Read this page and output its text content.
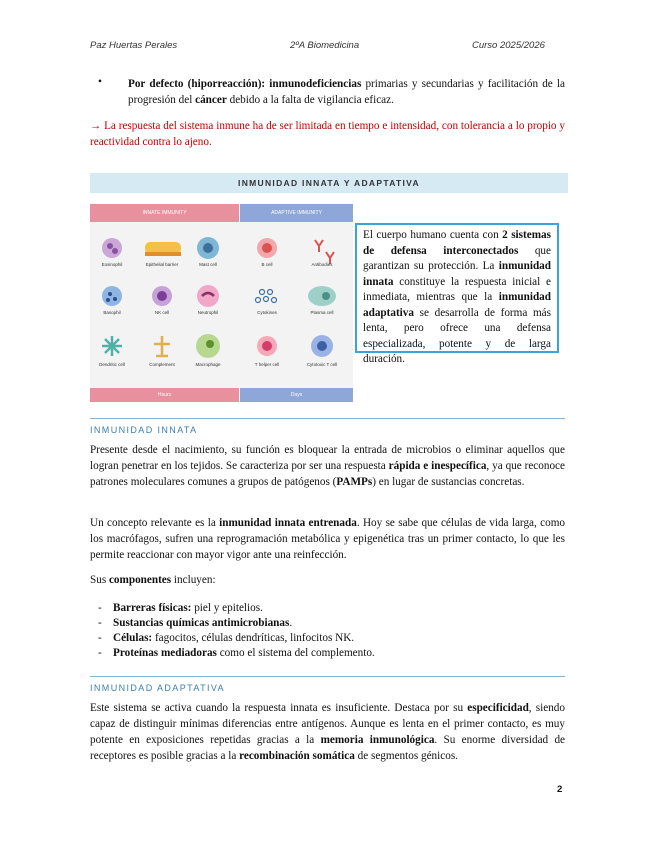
Paz Huertas Perales	2ºA Biomedicina	Curso 2025/2026
• Por defecto (hiporreacción): inmunodeficiencias primarias y secundarias y facilitación de la progresión del cáncer debido a la falta de vigilancia eficaz.
→ La respuesta del sistema inmune ha de ser limitada en tiempo e intensidad, con tolerancia a lo propio y reactividad contra lo ajeno.
INMUNIDAD INNATA Y ADAPTATIVA
INNATE IMMUNITY	ADAPTIVE IMMUNITY
Eosinophil	Epithelial barrier	Mast cell	B cell	Antibodies
Basophil	NK cell	Neutrophil	Cytokines	Plasma cell
Dendritic cell	Complement	Macrophage	T helper cell	Cytotoxic T cell
Hours	Days
El cuerpo humano cuenta con 2 sistemas de defensa interconectados que garantizan su protección. La inmunidad innata constituye la respuesta inicial e inmediata, mientras que la inmunidad adaptativa se desarrolla de forma más lenta, pero ofrece una defensa especializada, potente y de larga duración.
INMUNIDAD INNATA
Presente desde el nacimiento, su función es bloquear la entrada de microbios o eliminar aquellos que logran penetrar en los tejidos. Se caracteriza por ser una respuesta rápida e inespecífica, ya que reconoce patrones moleculares comunes a grupos de patógenos (PAMPs) en lugar de sustancias concretas.
Un concepto relevante es la inmunidad innata entrenada. Hoy se sabe que células de vida larga, como los macrófagos, sufren una reprogramación metabólica y epigenética tras un primer contacto, lo que les permite reaccionar con mayor vigor ante una reinfección.
Sus componentes incluyen:
- Barreras físicas: piel y epitelios.
- Sustancias químicas antimicrobianas.
- Células: fagocitos, células dendríticas, linfocitos NK.
- Proteínas mediadoras como el sistema del complemento.
INMUNIDAD ADAPTATIVA
Este sistema se activa cuando la respuesta innata es insuficiente. Destaca por su especificidad, siendo capaz de distinguir mínimas diferencias entre antígenos. Aunque es lenta en el primer contacto, es muy potente en exposiciones repetidas gracias a la memoria inmunológica. Su enorme diversidad de receptores es posible gracias a la recombinación somática de segmentos génicos.
2
